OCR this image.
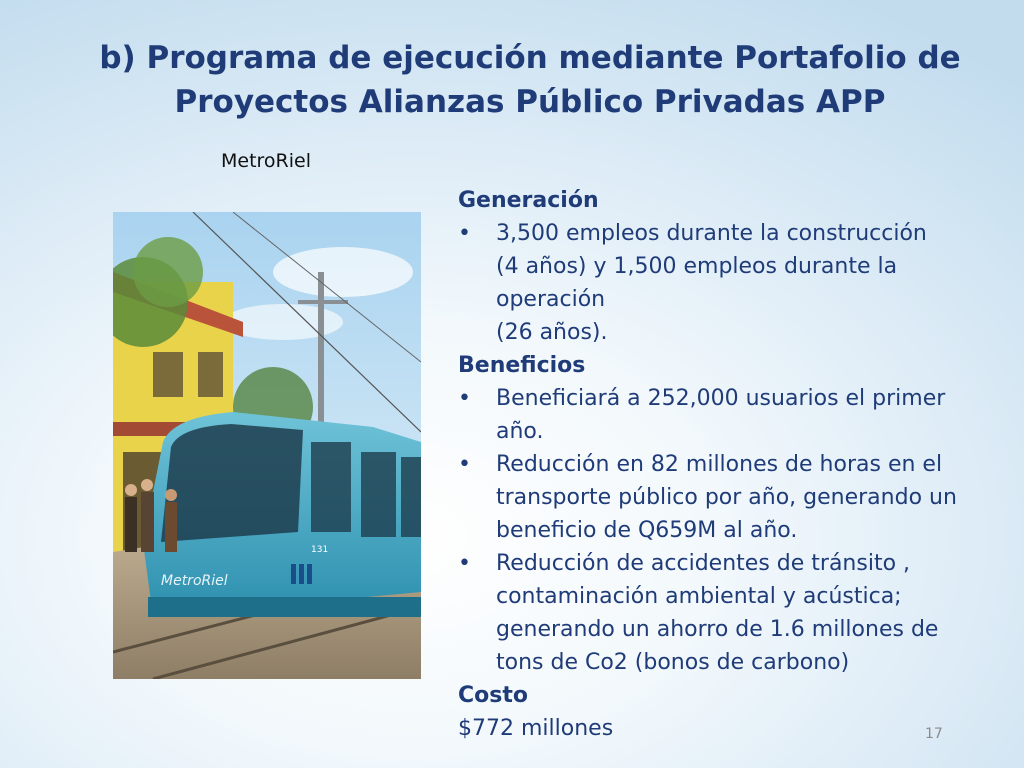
b) Programa de ejecución mediante Portafolio de
Proyectos Alianzas Público Privadas APP
MetroRiel
MetroRiel
131
Generación
•	3,500 empleos durante la construcción
(4 años) y 1,500 empleos durante la
operación
(26 años).
Beneficios
•	Beneficiará a 252,000 usuarios el primer
año.
•	Reducción en 82 millones de horas en el
transporte público por año, generando un
beneficio de Q659M al año.
•	Reducción de accidentes de tránsito ,
contaminación ambiental y acústica;
generando un ahorro de 1.6 millones de
tons de Co2 (bonos de carbono)
Costo
$772 millones	17
